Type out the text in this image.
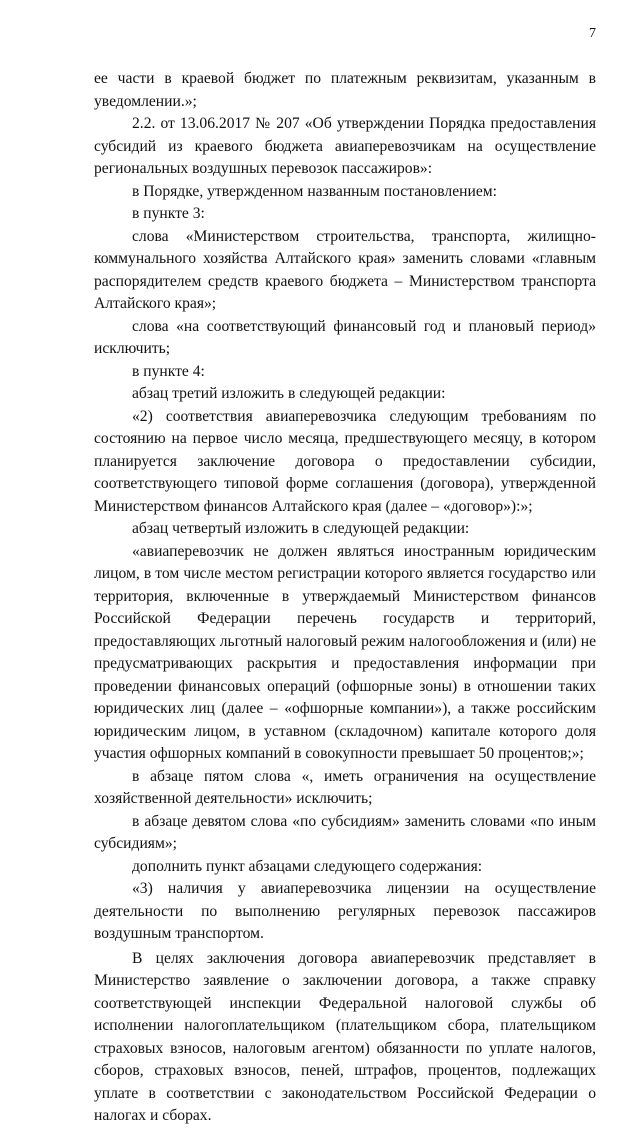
7

ее части в краевой бюджет по платежным реквизитам, указанным в уведомлении.»;

2.2. от 13.06.2017 № 207 «Об утверждении Порядка предоставления субсидий из краевого бюджета авиаперевозчикам на осуществление региональных воздушных перевозок пассажиров»:

в Порядке, утвержденном названным постановлением:

в пункте 3:

слова «Министерством строительства, транспорта, жилищно-коммунального хозяйства Алтайского края» заменить словами «главным распорядителем средств краевого бюджета – Министерством транспорта Алтайского края»;

слова «на соответствующий финансовый год и плановый период» исключить;

в пункте 4:

абзац третий изложить в следующей редакции:

«2) соответствия авиаперевозчика следующим требованиям по состоянию на первое число месяца, предшествующего месяцу, в котором планируется заключение договора о предоставлении субсидии, соответствующего типовой форме соглашения (договора), утвержденной Министерством финансов Алтайского края (далее – «договор»):»;

абзац четвертый изложить в следующей редакции:

«авиаперевозчик не должен являться иностранным юридическим лицом, в том числе местом регистрации которого является государство или территория, включенные в утверждаемый Министерством финансов Российской Федерации перечень государств и территорий, предоставляющих льготный налоговый режим налогообложения и (или) не предусматривающих раскрытия и предоставления информации при проведении финансовых операций (офшорные зоны) в отношении таких юридических лиц (далее – «офшорные компании»), а также российским юридическим лицом, в уставном (складочном) капитале которого доля участия офшорных компаний в совокупности превышает 50 процентов;»;

в абзаце пятом слова «, иметь ограничения на осуществление хозяйственной деятельности» исключить;

в абзаце девятом слова «по субсидиям» заменить словами «по иным субсидиям»;

дополнить пункт абзацами следующего содержания:

«3) наличия у авиаперевозчика лицензии на осуществление деятельности по выполнению регулярных перевозок пассажиров воздушным транспортом.

В целях заключения договора авиаперевозчик представляет в Министерство заявление о заключении договора, а также справку соответствующей инспекции Федеральной налоговой службы об исполнении налогоплательщиком (плательщиком сбора, плательщиком страховых взносов, налоговым агентом) обязанности по уплате налогов, сборов, страховых взносов, пеней, штрафов, процентов, подлежащих уплате в соответствии с законодательством Российской Федерации о налогах и сборах.
